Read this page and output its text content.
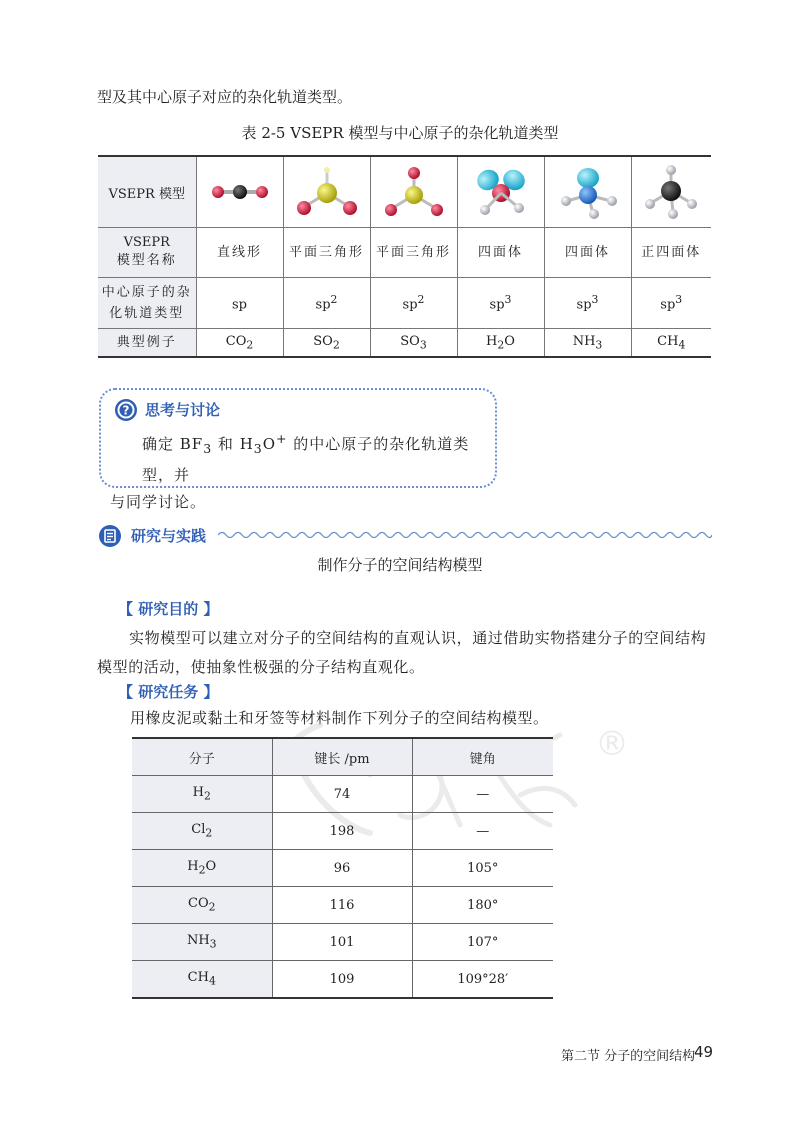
型及其中心原子对应的杂化轨道类型。
表 2-5 VSEPR 模型与中心原子的杂化轨道类型
VSEPR 模型	

VSEPR
模型名称	直线形	平面三角形	平面三角形	四面体	四面体	正四面体

中心原子的杂
化轨道类型	sp	$sp^2$	$sp^2$	$sp^3$	$sp^3$	$sp^3$
典型例子	$CO_2$	$SO_2$	$SO_3$	$H_2O$	$NH_3$	$CH_4$
? 思考与讨论
确定 $BF_3$ 和 $H_3O^+$ 的中心原子的杂化轨道类型，并
与同学讨论。
研究与实践
制作分子的空间结构模型
【 研究目的 】
实物模型可以建立对分子的空间结构的直观认识，通过借助实物搭建分子的空间结构模型的活动，使抽象性极强的分子结构直观化。
【 研究任务 】
用橡皮泥或黏土和牙签等材料制作下列分子的空间结构模型。
®
分子	键长 /pm	键角
$H_2$	74	—
$Cl_2$	198	—
$H_2O$	96	105°
$CO_2$	116	180°
$NH_3$	101	107°
$CH_4$	109	109°28′
第二节 分子的空间结构
49
